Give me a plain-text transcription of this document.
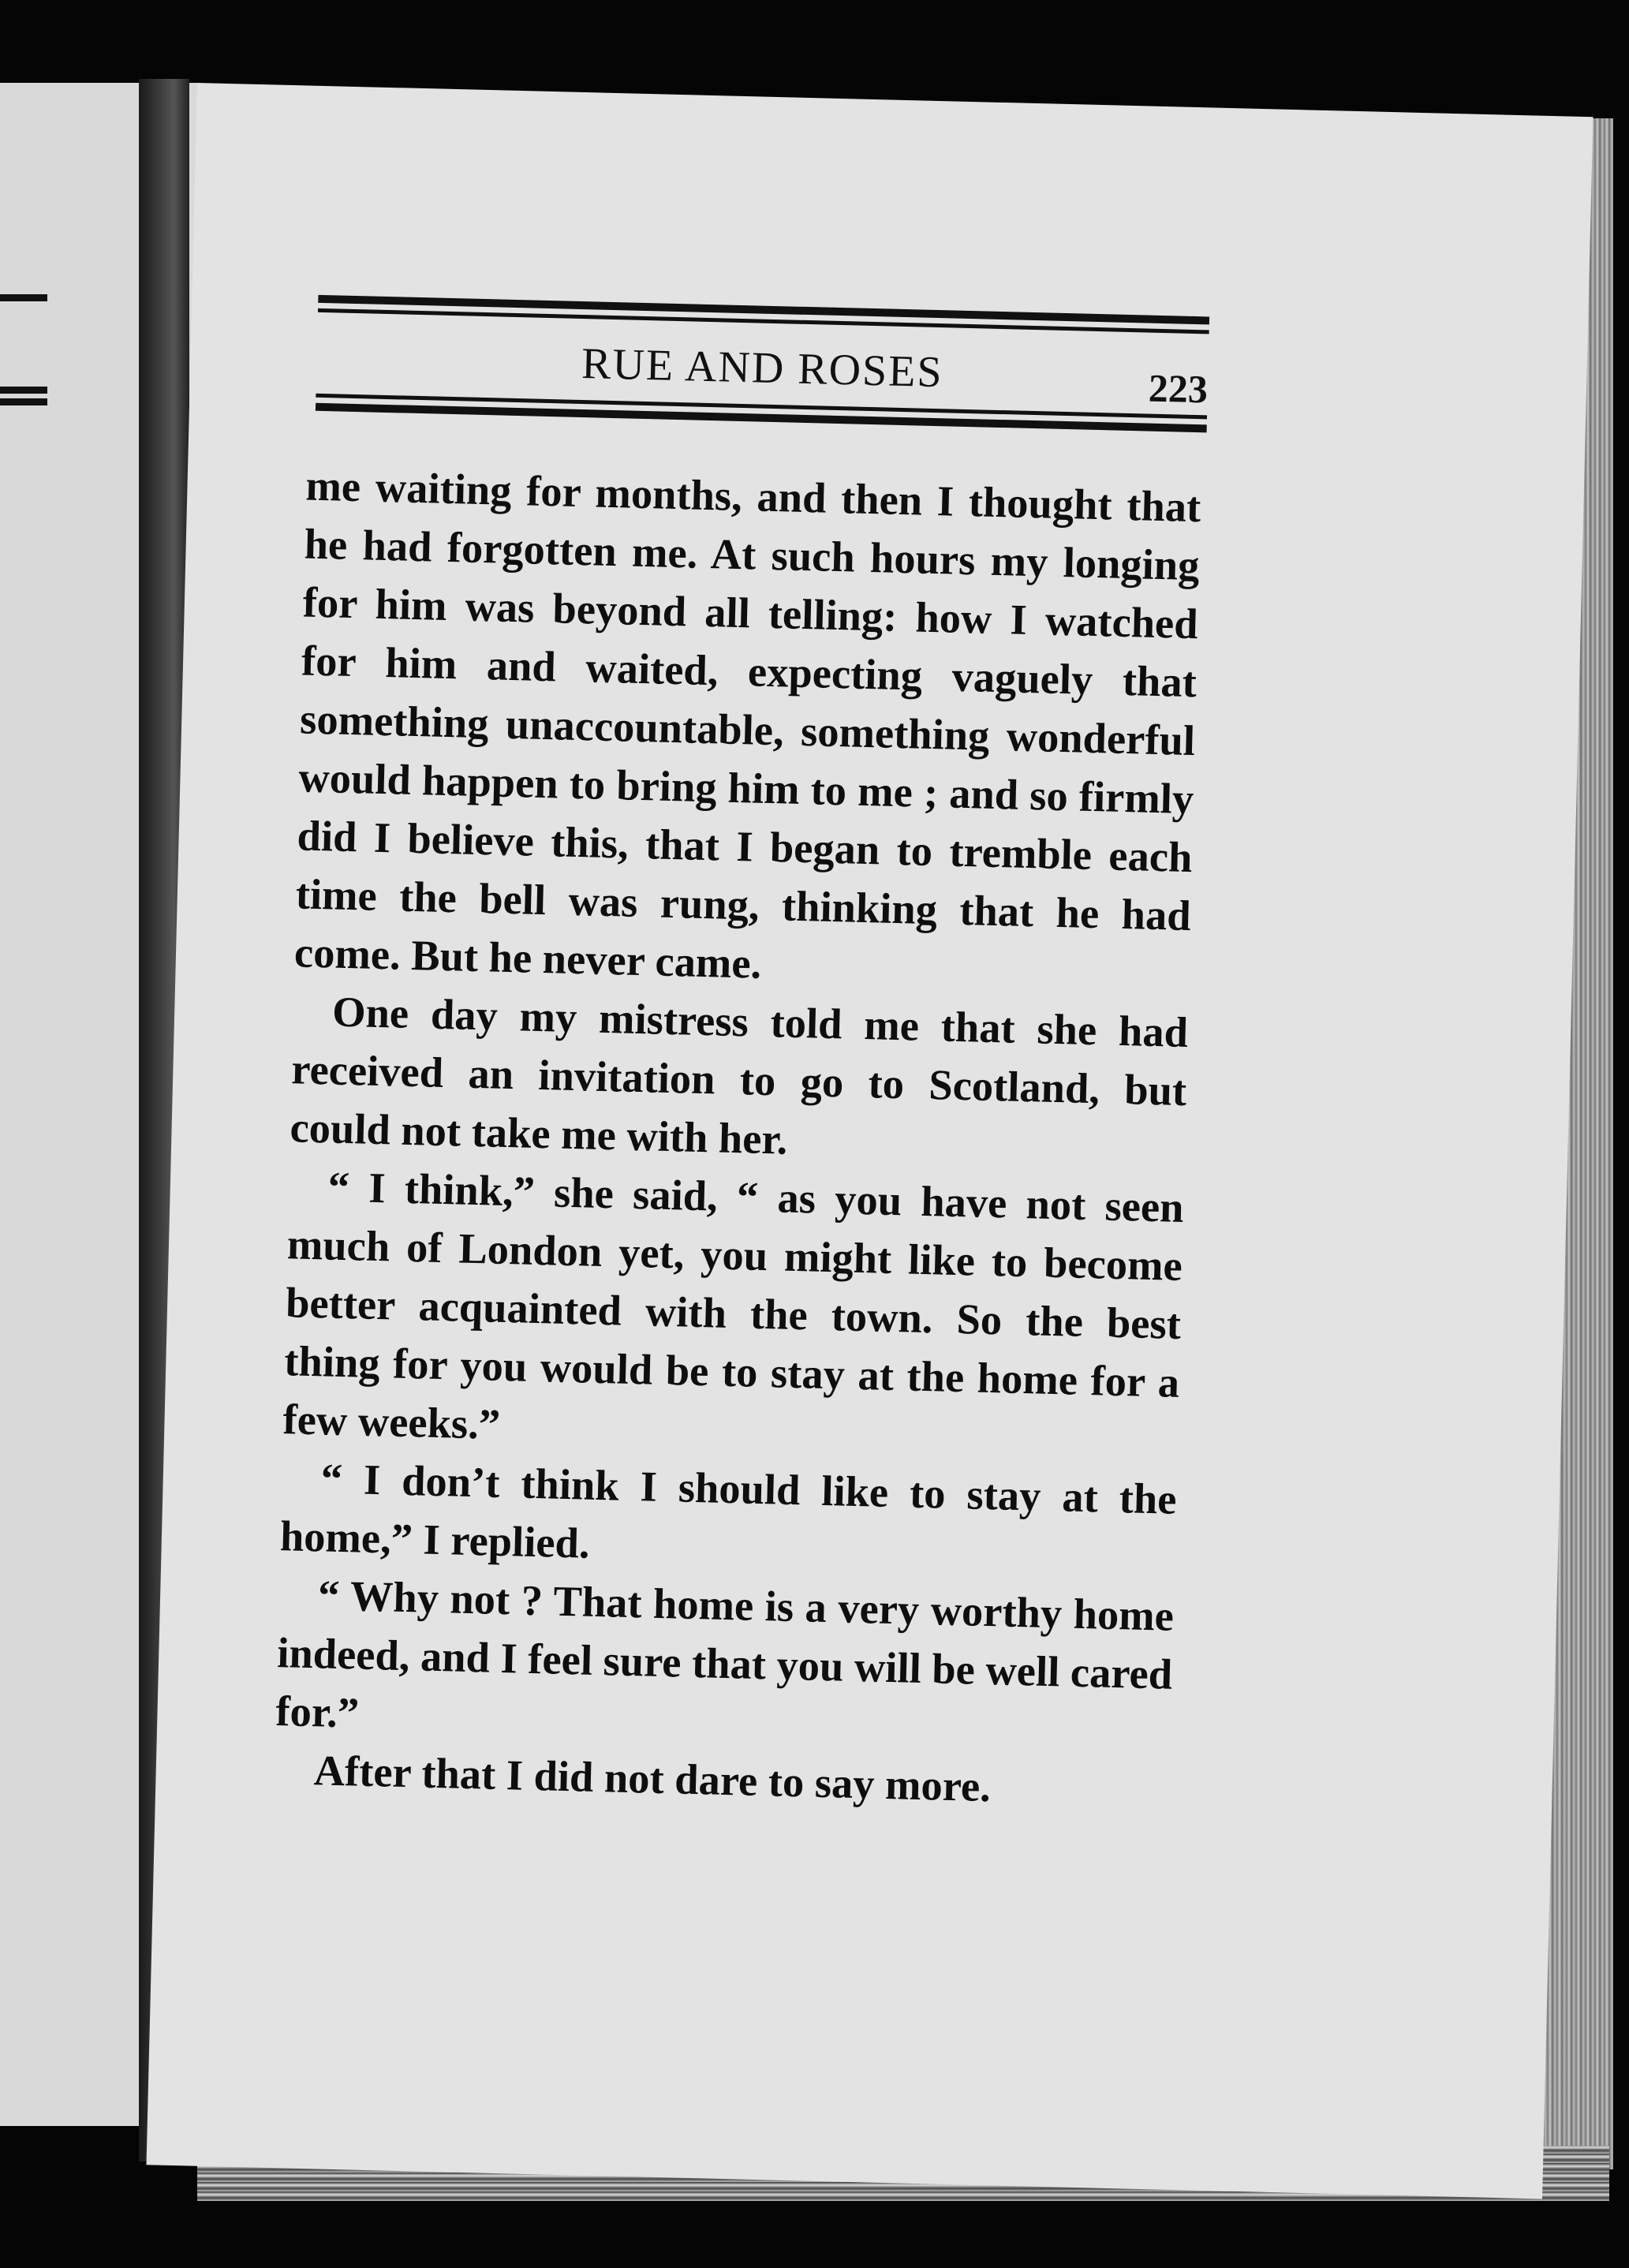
RUE AND ROSES	223

me waiting for months, and then I thought that he had forgotten me. At such hours my longing for him was beyond all telling: how I watched for him and waited, expecting vaguely that something unaccountable, something wonderful would happen to bring him to me ; and so firmly did I believe this, that I began to tremble each time the bell was rung, thinking that he had come. But he never came.

One day my mistress told me that she had received an invitation to go to Scotland, but could not take me with her.

“ I think,” she said, “ as you have not seen much of London yet, you might like to become better acquainted with the town. So the best thing for you would be to stay at the home for a few weeks.”

“ I don’t think I should like to stay at the home,” I replied.

“ Why not ? That home is a very worthy home indeed, and I feel sure that you will be well cared for.”

After that I did not dare to say more.
